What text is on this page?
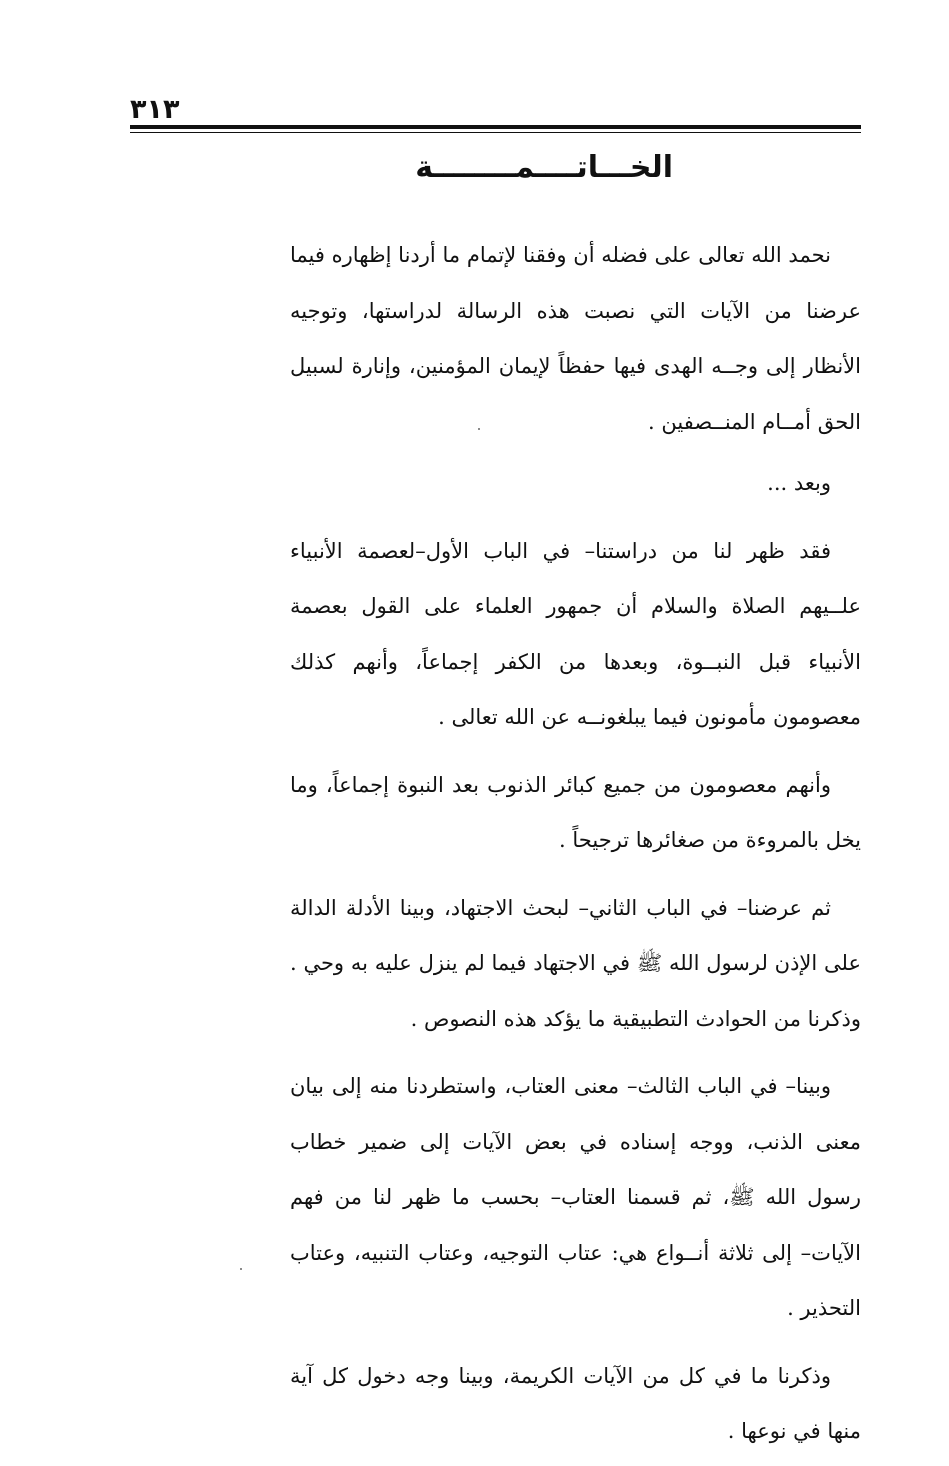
٣١٣
الخـــاتــــمــــــــة

نحمد الله تعالى على فضله أن وفقنا لإتمام ما أردنا إظهاره فيما عرضنا من الآيات التي نصبت هذه الرسالة لدراستها، وتوجيه الأنظار إلى وجــه الهدى فيها حفظاً لإيمان المؤمنين، وإنارة لسبيل الحق أمــام المنــصفين .

وبعد ...

فقد ظهر لنا من دراستنا– في الباب الأول–لعصمة الأنبياء علــيهم الصلاة والسلام أن جمهور العلماء على القول بعصمة الأنبياء قبل النبــوة، وبعدها من الكفر إجماعاً، وأنهم كذلك معصومون مأمونون فيما يبلغونــه عن الله تعالى .

وأنهم معصومون من جميع كبائر الذنوب بعد النبوة إجماعاً، وما يخل بالمروءة من صغائرها ترجيحاً .

ثم عرضنا– في الباب الثاني– لبحث الاجتهاد، وبينا الأدلة الدالة على الإذن لرسول الله ﷺ في الاجتهاد فيما لم ينزل عليه به وحي . وذكرنا من الحوادث التطبيقية ما يؤكد هذه النصوص .

وبينا– في الباب الثالث– معنى العتاب، واستطردنا منه إلى بيان معنى الذنب، ووجه إسناده في بعض الآيات إلى ضمير خطاب رسول الله ﷺ، ثم قسمنا العتاب– بحسب ما ظهر لنا من فهم الآيات– إلى ثلاثة أنــواع هي: عتاب التوجيه، وعتاب التنبيه، وعتاب التحذير .

وذكرنا ما في كل من الآيات الكريمة، وبينا وجه دخول كل آية منها في نوعها .
